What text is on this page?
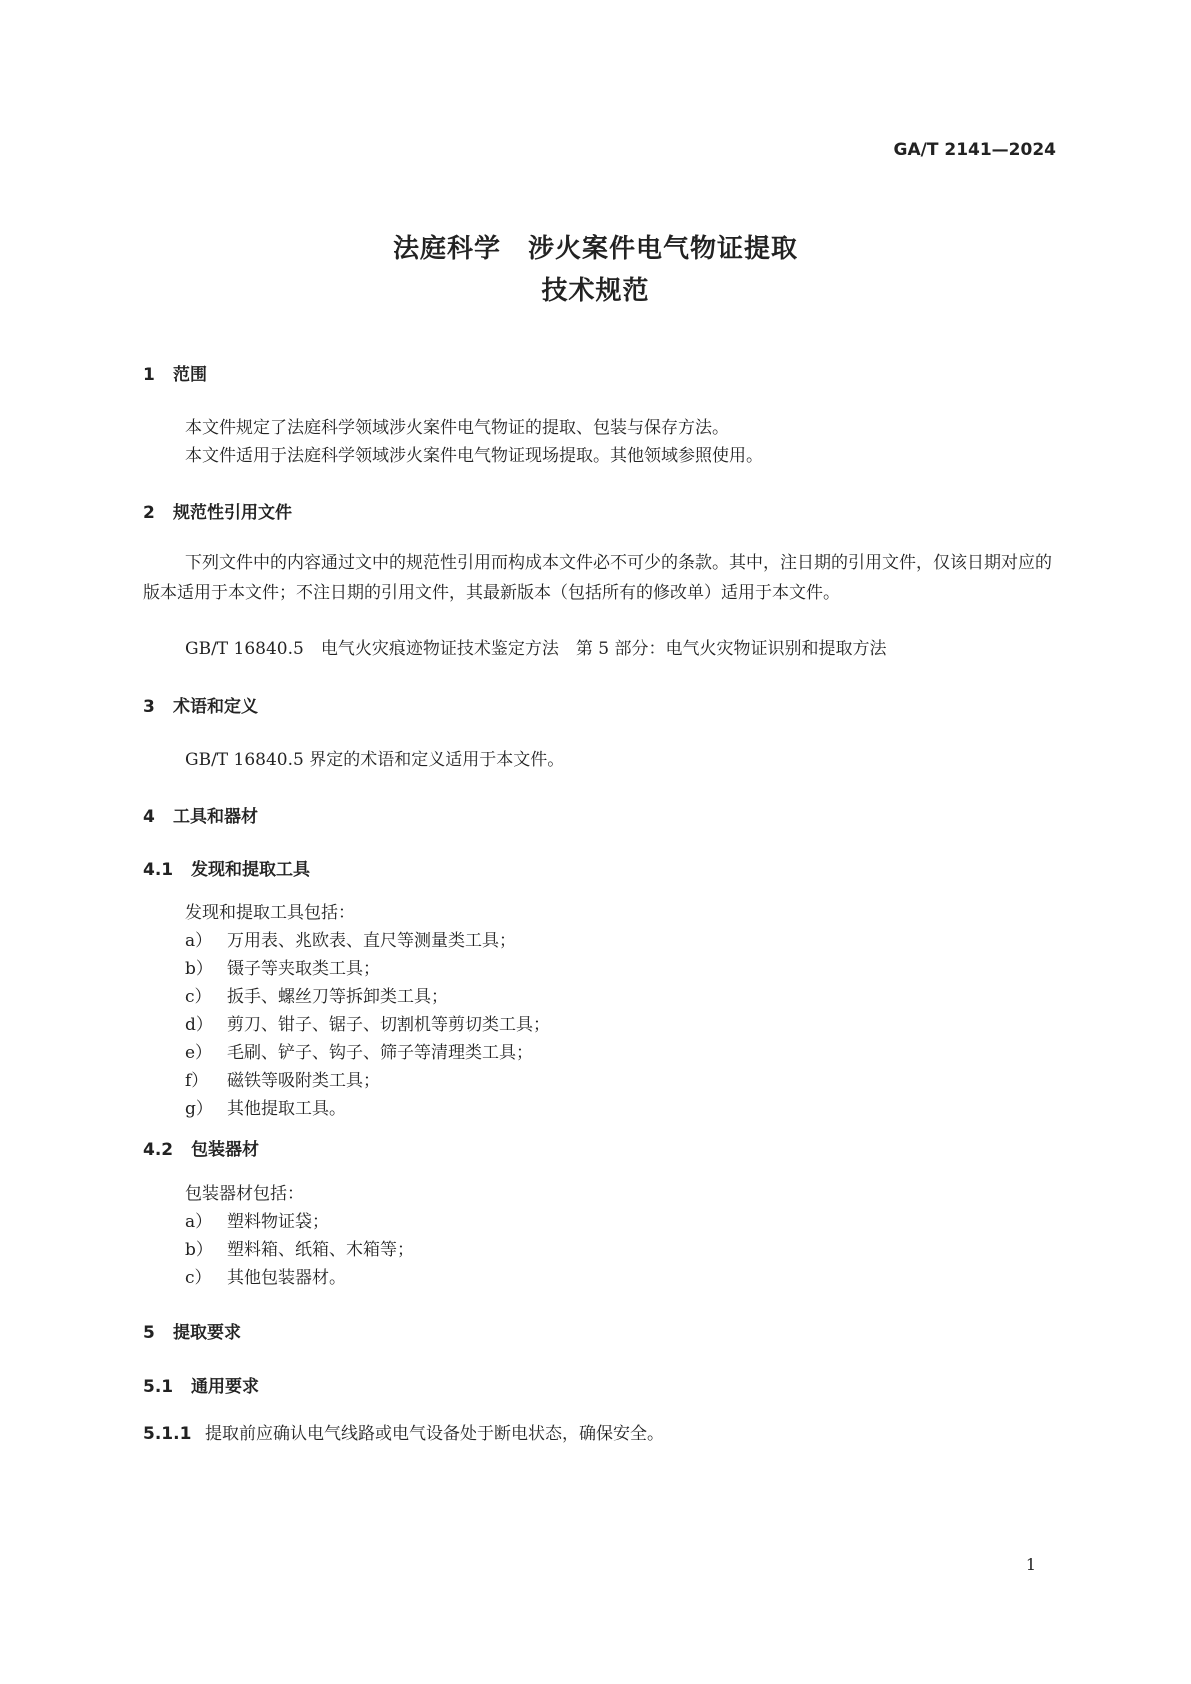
GA/T 2141—2024
法庭科学　涉火案件电气物证提取
技术规范
1 范围
本文件规定了法庭科学领域涉火案件电气物证的提取、包装与保存方法。
本文件适用于法庭科学领域涉火案件电气物证现场提取。其他领域参照使用。
2 规范性引用文件
下列文件中的内容通过文中的规范性引用而构成本文件必不可少的条款。其中，注日期的引用文件，仅该日期对应的版本适用于本文件；不注日期的引用文件，其最新版本（包括所有的修改单）适用于本文件。
GB/T 16840.5　电气火灾痕迹物证技术鉴定方法　第 5 部分：电气火灾物证识别和提取方法
3 术语和定义
GB/T 16840.5 界定的术语和定义适用于本文件。
4 工具和器材
4.1 发现和提取工具
发现和提取工具包括：
a） 万用表、兆欧表、直尺等测量类工具；
b） 镊子等夹取类工具；
c） 扳手、螺丝刀等拆卸类工具；
d） 剪刀、钳子、锯子、切割机等剪切类工具；
e） 毛刷、铲子、钩子、筛子等清理类工具；
f） 磁铁等吸附类工具；
g） 其他提取工具。
4.2 包装器材
包装器材包括：
a） 塑料物证袋；
b） 塑料箱、纸箱、木箱等；
c） 其他包装器材。
5 提取要求
5.1 通用要求
5.1.1 提取前应确认电气线路或电气设备处于断电状态，确保安全。
1
